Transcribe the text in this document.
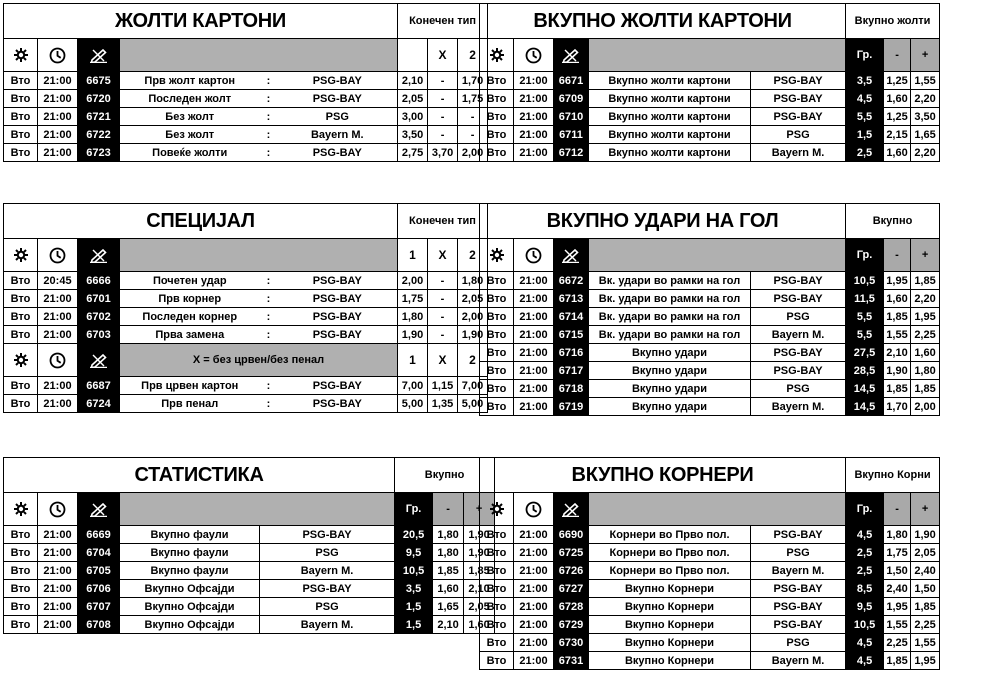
ЖОЛТИ КАРТОНИ						Конечен тип		
					X	2
Вто	21:00	6675	Прв жолт картон	:	PSG-BAY	2,10	-	1,70
Вто	21:00	6720	Последен жолт	:	PSG-BAY	2,05	-	1,75
Вто	21:00	6721	Без жолт	:	PSG	3,00	-	-
Вто	21:00	6722	Без жолт	:	Bayern M.	3,50	-	-
Вто	21:00	6723	Повеќе жолти	:	PSG-BAY	2,75	3,70	2,00
ВКУПНО ЖОЛТИ КАРТОНИ					Вкупно жолти		
				Гр.	-	+
Вто	21:00	6671	Вкупно жолти картони	PSG-BAY	3,5	1,25	1,55
Вто	21:00	6709	Вкупно жолти картони	PSG-BAY	4,5	1,60	2,20
Вто	21:00	6710	Вкупно жолти картони	PSG-BAY	5,5	1,25	3,50
Вто	21:00	6711	Вкупно жолти картони	PSG	1,5	2,15	1,65
Вто	21:00	6712	Вкупно жолти картони	Bayern M.	2,5	1,60	2,20
СПЕЦИЈАЛ						Конечен тип		
				1	X	2
Вто	20:45	6666	Почетен удар	:	PSG-BAY	2,00	-	1,80
Вто	21:00	6701	Прв корнер	:	PSG-BAY	1,75	-	2,05
Вто	21:00	6702	Последен корнер	:	PSG-BAY	1,80	-	2,00
Вто	21:00	6703	Прва замена	:	PSG-BAY	1,90	-	1,90
			X = без црвен/без пенал			1	X	2
Вто	21:00	6687	Прв црвен картон	:	PSG-BAY	7,00	1,15	7,00
Вто	21:00	6724	Прв пенал	:	PSG-BAY	5,00	1,35	5,00
ВКУПНО УДАРИ НА ГОЛ					Вкупно		
				Гр.	-	+
Вто	21:00	6672	Вк. удари во рамки на гол	PSG-BAY	10,5	1,95	1,85
Вто	21:00	6713	Вк. удари во рамки на гол	PSG-BAY	11,5	1,60	2,20
Вто	21:00	6714	Вк. удари во рамки на гол	PSG	5,5	1,85	1,95
Вто	21:00	6715	Вк. удари во рамки на гол	Bayern M.	5,5	1,55	2,25
Вто	21:00	6716	Вкупно удари	PSG-BAY	27,5	2,10	1,60
Вто	21:00	6717	Вкупно удари	PSG-BAY	28,5	1,90	1,80
Вто	21:00	6718	Вкупно удари	PSG	14,5	1,85	1,85
Вто	21:00	6719	Вкупно удари	Bayern M.	14,5	1,70	2,00
СТАТИСТИКА					Вкупно		
				Гр.	-	+
Вто	21:00	6669	Вкупно фаули	PSG-BAY	20,5	1,80	1,90
Вто	21:00	6704	Вкупно фаули	PSG	9,5	1,80	1,90
Вто	21:00	6705	Вкупно фаули	Bayern M.	10,5	1,85	1,85
Вто	21:00	6706	Вкупно Офсајди	PSG-BAY	3,5	1,60	2,10
Вто	21:00	6707	Вкупно Офсајди	PSG	1,5	1,65	2,05
Вто	21:00	6708	Вкупно Офсајди	Bayern M.	1,5	2,10	1,60
ВКУПНО КОРНЕРИ					Вкупно Корни		
				Гр.	-	+
Вто	21:00	6690	Корнери во Прво пол.	PSG-BAY	4,5	1,80	1,90
Вто	21:00	6725	Корнери во Прво пол.	PSG	2,5	1,75	2,05
Вто	21:00	6726	Корнери во Прво пол.	Bayern M.	2,5	1,50	2,40
Вто	21:00	6727	Вкупно Корнери	PSG-BAY	8,5	2,40	1,50
Вто	21:00	6728	Вкупно Корнери	PSG-BAY	9,5	1,95	1,85
Вто	21:00	6729	Вкупно Корнери	PSG-BAY	10,5	1,55	2,25
Вто	21:00	6730	Вкупно Корнери	PSG	4,5	2,25	1,55
Вто	21:00	6731	Вкупно Корнери	Bayern M.	4,5	1,85	1,95
